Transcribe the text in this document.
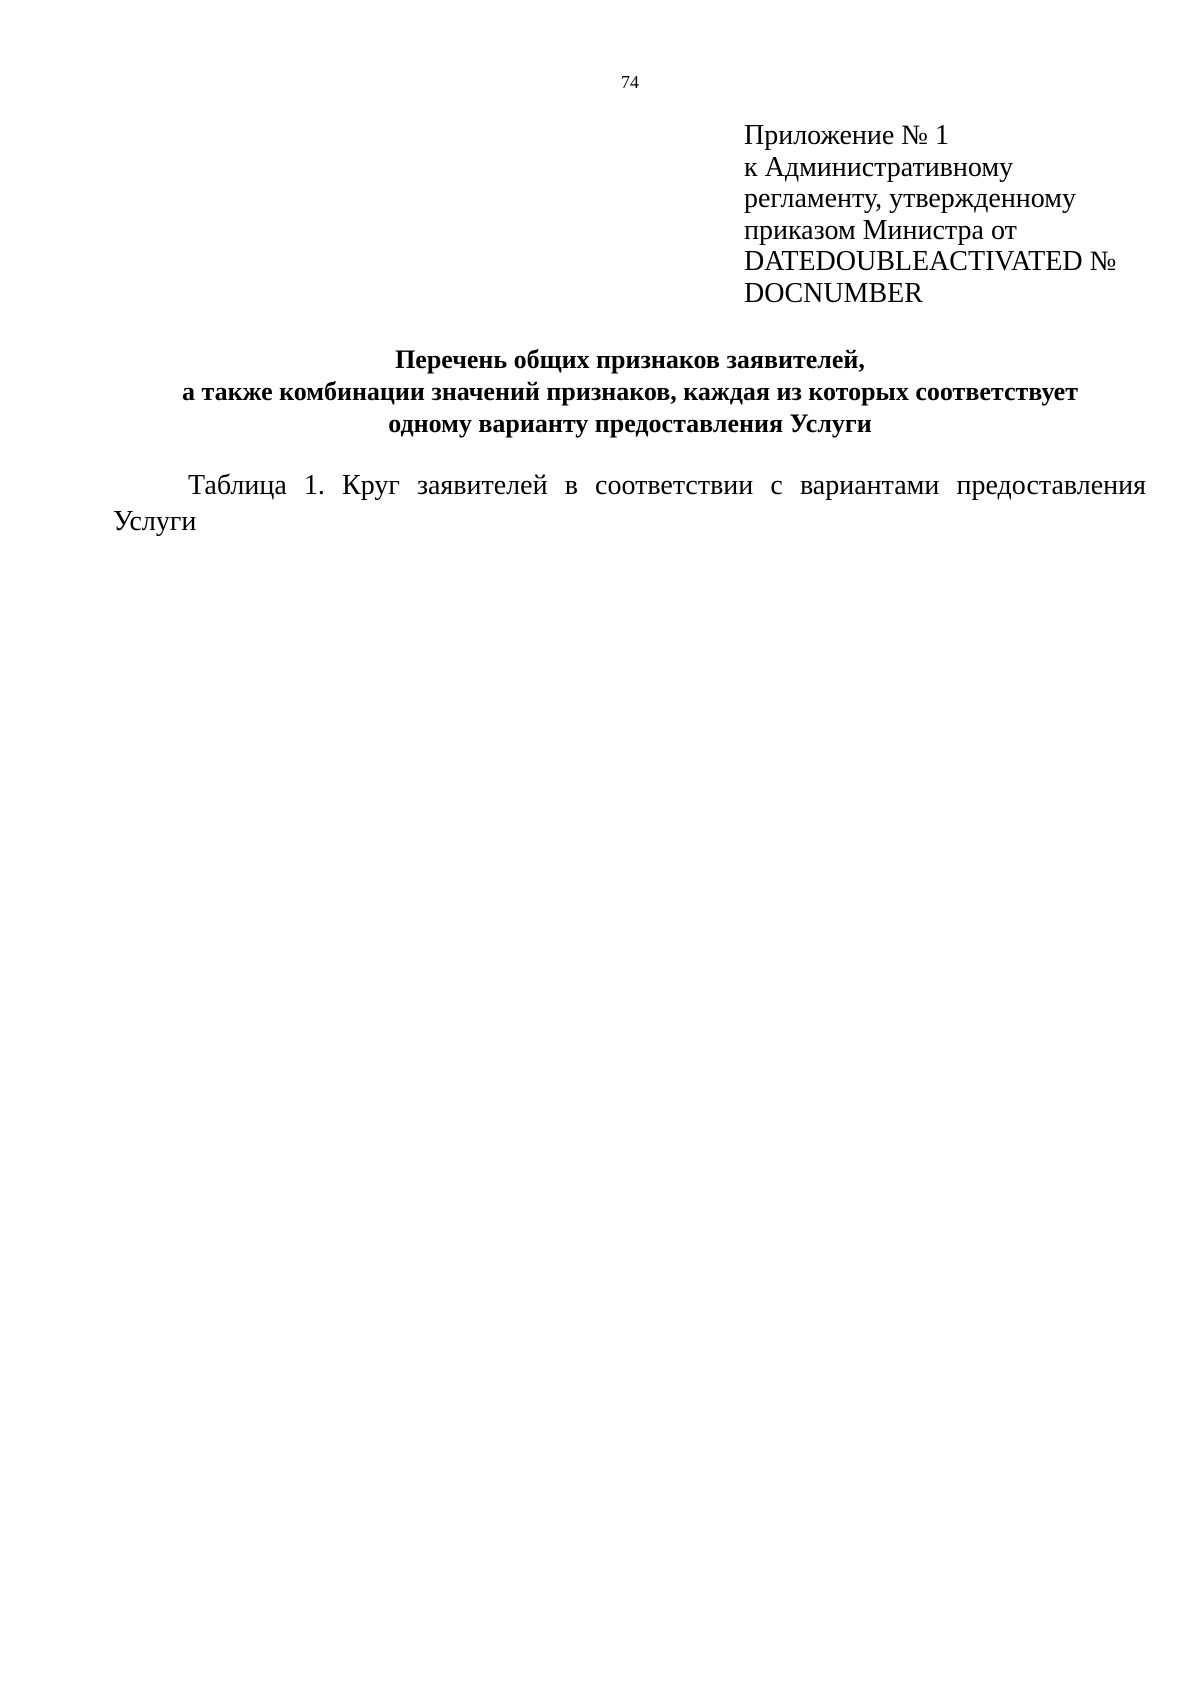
74
Приложение № 1
к Административному
регламенту, утвержденному
приказом Министра от
DATEDOUBLEACTIVATED №
DOCNUMBER
Перечень общих признаков заявителей,
а также комбинации значений признаков, каждая из которых соответствует
одному варианту предоставления Услуги
Таблица 1. Круг заявителей в соответствии с вариантами предоставления
Услуги
